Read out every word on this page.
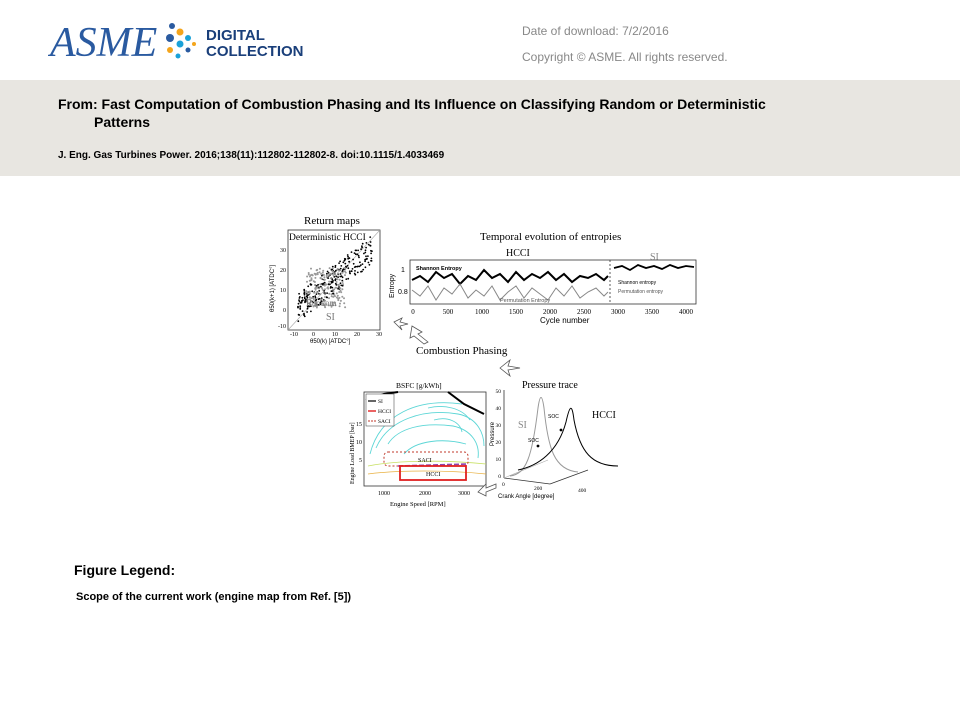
ASME	DIGITAL
COLLECTION
Date of download: 7/2/2016
Copyright © ASME. All rights reserved.
From: Fast Computation of Combustion Phasing and Its Influence on Classifying Random or Deterministic
Patterns
J. Eng. Gas Turbines Power. 2016;138(11):112802-112802-8. doi:10.1115/1.4033469
Return maps
Deterministic HCCI
Random
SI
θ50(k) [ATDC°]
θ50(k+1) [ATDC°]
-10 0	10	20	30
30
20
10
0
-10
Temporal evolution of entropies
HCCI	SI
Shannon Entropy
Permutation Entropy
Shannon entropy
Permutation entropy
Entropy
1
0.8
0	500	1000	1500	2000	2500	3000	3500	4000
Cycle number
Combustion Phasing
BSFC [g/kWh]
SACI
HCCI
SI
HCCI
SACI
Engine Load BMEP [bar] 15
10
5
1000	2000	3000
Engine Speed [RPM]
Pressure trace
SI
HCCI
SOC
SOC
Pressure
50
40
30
20
10
0
0
200	400
Crank Angle [degree]
Figure Legend:
Scope of the current work (engine map from Ref. [5])
